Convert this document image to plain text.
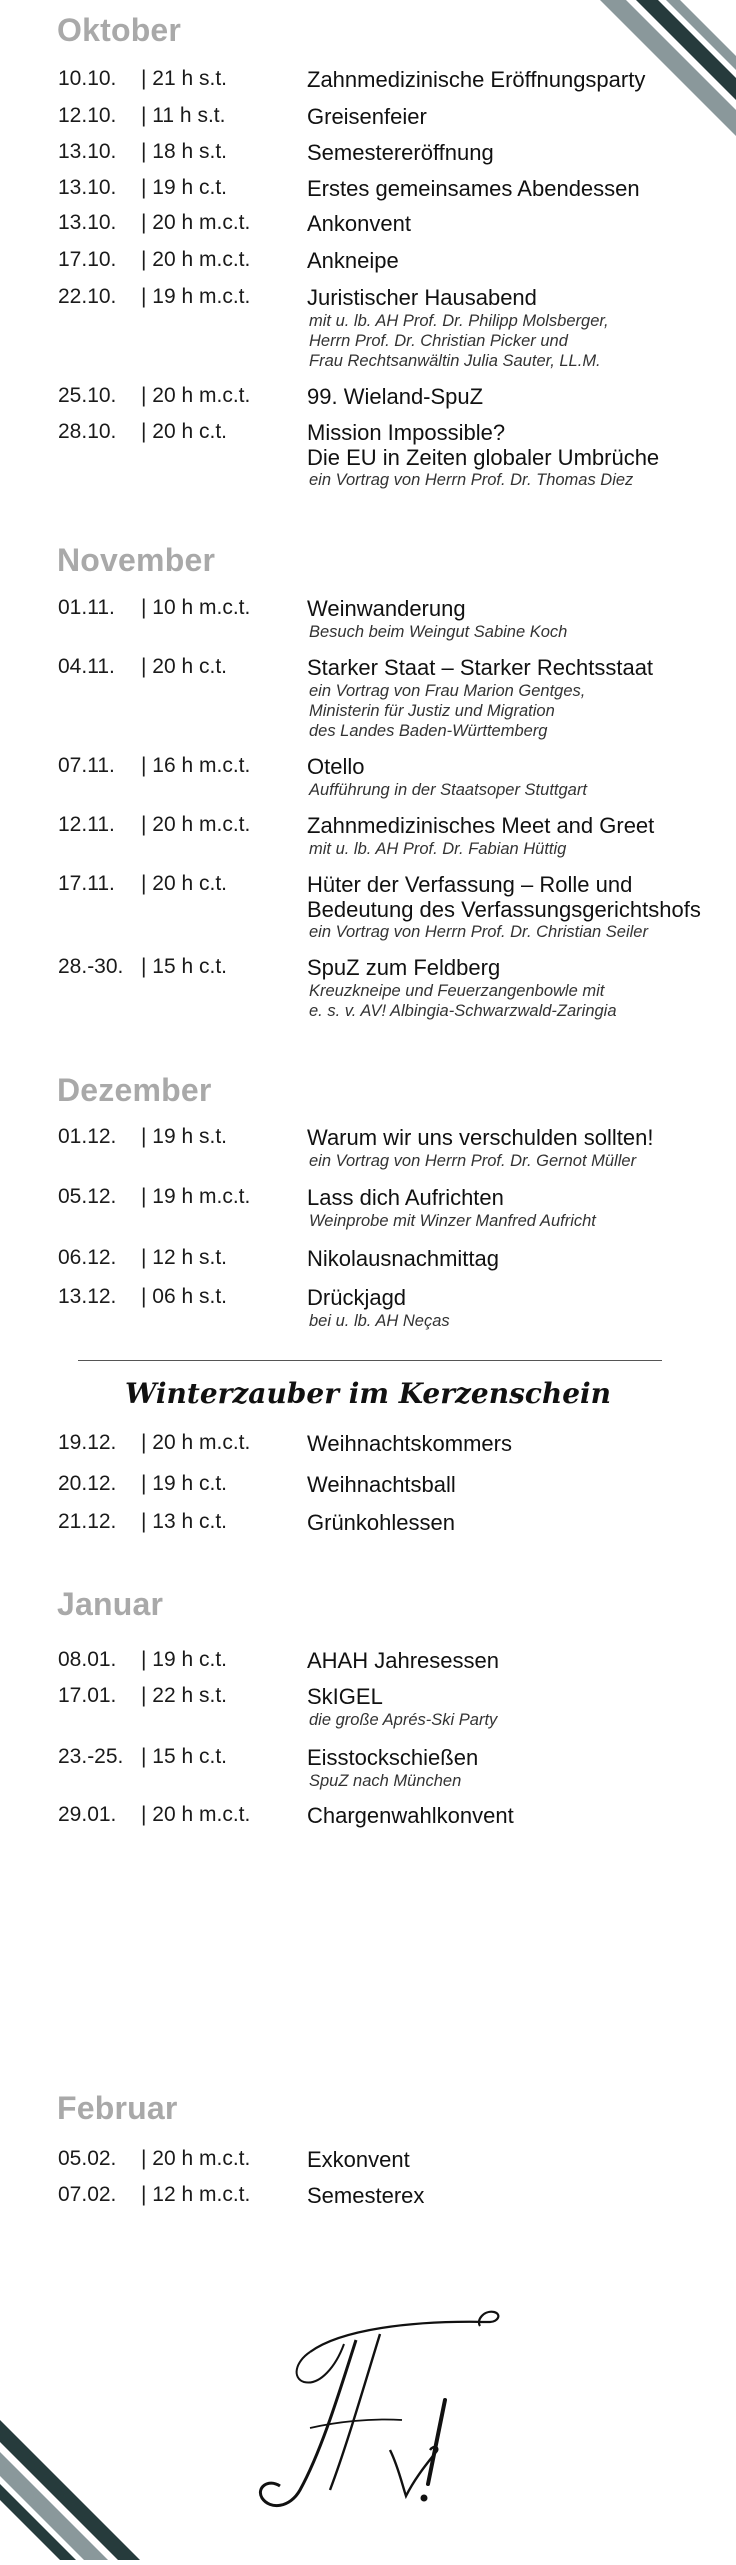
Oktober
10.10. | 21 h s.t.	Zahnmedizinische Eröffnungsparty
12.10. | 11 h s.t.	Greisenfeier
13.10. | 18 h s.t.	Semestereröffnung
13.10. | 19 h c.t.	Erstes gemeinsames Abendessen
13.10. | 20 h m.c.t.	Ankonvent
17.10. | 20 h m.c.t.	Ankneipe
22.10. | 19 h m.c.t.	Juristischer Hausabend
mit u. lb. AH Prof. Dr. Philipp Molsberger,
Herrn Prof. Dr. Christian Picker und
Frau Rechtsanwältin Julia Sauter, LL.M.
25.10. | 20 h m.c.t.	99. Wieland-SpuZ
28.10. | 20 h c.t.	Mission Impossible?
Die EU in Zeiten globaler Umbrüche
ein Vortrag von Herrn Prof. Dr. Thomas Diez
November
01.11. | 10 h m.c.t.	Weinwanderung
Besuch beim Weingut Sabine Koch
04.11. | 20 h c.t.	Starker Staat – Starker Rechtsstaat
ein Vortrag von Frau Marion Gentges,
Ministerin für Justiz und Migration
des Landes Baden-Württemberg
07.11. | 16 h m.c.t.	Otello
Aufführung in der Staatsoper Stuttgart
12.11. | 20 h m.c.t.	Zahnmedizinisches Meet and Greet
mit u. lb. AH Prof. Dr. Fabian Hüttig
17.11. | 20 h c.t.	Hüter der Verfassung – Rolle und
Bedeutung des Verfassungsgerichtshofs
ein Vortrag von Herrn Prof. Dr. Christian Seiler
28.-30. | 15 h c.t.	SpuZ zum Feldberg
Kreuzkneipe und Feuerzangenbowle mit
e. s. v. AV! Albingia-Schwarzwald-Zaringia
Dezember
01.12. | 19 h s.t.	Warum wir uns verschulden sollten!
ein Vortrag von Herrn Prof. Dr. Gernot Müller
05.12. | 19 h m.c.t.	Lass dich Aufrichten
Weinprobe mit Winzer Manfred Aufricht
06.12. | 12 h s.t.	Nikolausnachmittag
13.12. | 06 h s.t.	Drückjagd
bei u. lb. AH Neças
Winterzauber im Kerzenschein
19.12. | 20 h m.c.t.	Weihnachtskommers
20.12. | 19 h c.t.	Weihnachtsball
21.12. | 13 h c.t.	Grünkohlessen
Januar
08.01. | 19 h c.t.	AHAH Jahresessen
17.01. | 22 h s.t.	SkIGEL
die große Aprés-Ski Party
23.-25. | 15 h c.t.	Eisstockschießen
SpuZ nach München
29.01. | 20 h m.c.t.	Chargenwahlkonvent
Februar
05.02. | 20 h m.c.t.	Exkonvent
07.02. | 12 h m.c.t.	Semesterex
